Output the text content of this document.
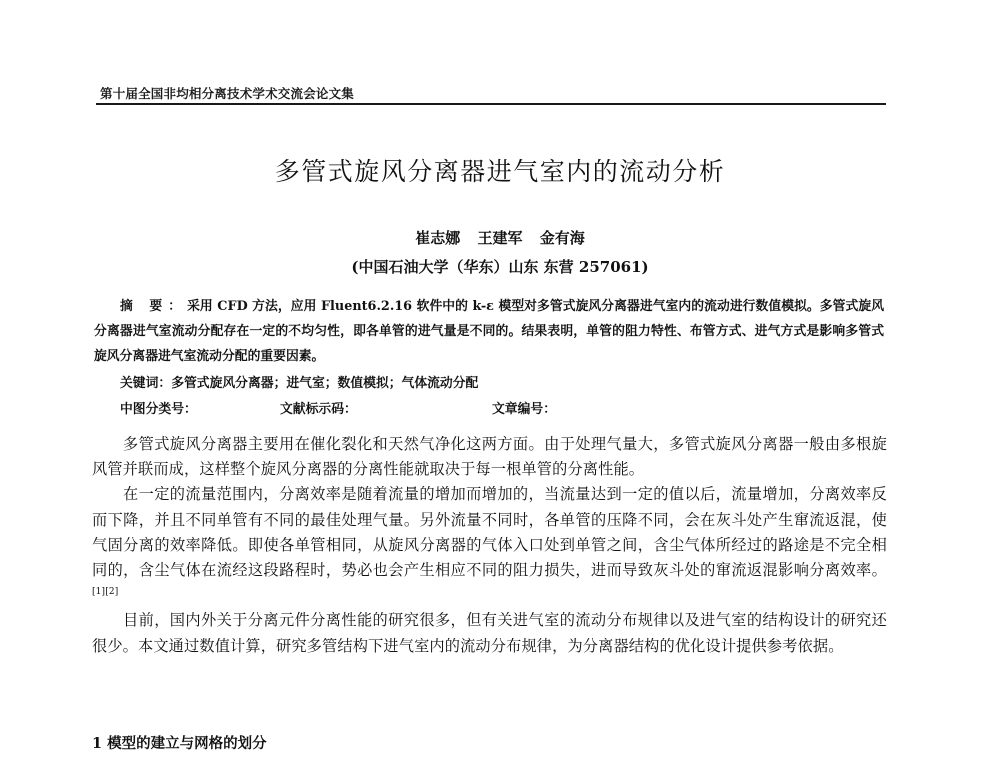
第十届全国非均相分离技术学术交流会论文集
多管式旋风分离器进气室内的流动分析
崔志娜 王建军 金有海
(中国石油大学（华东）山东 东营 257061)

摘 要：采用 CFD 方法，应用 Fluent6.2.16 软件中的 k-ε 模型对多管式旋风分离器进气室内的流动进行数值模拟。多管式旋风分离器进气室流动分配存在一定的不均匀性，即各单管的进气量是不同的。结果表明，单管的阻力特性、布管方式、进气方式是影响多管式旋风分离器进气室流动分配的重要因素。

关键词：多管式旋风分离器；进气室；数值模拟；气体流动分配
中图分类号：	文献标示码：	文章编号：

多管式旋风分离器主要用在催化裂化和天然气净化这两方面。由于处理气量大，多管式旋风分离器一般由多根旋风管并联而成，这样整个旋风分离器的分离性能就取决于每一根单管的分离性能。

在一定的流量范围内，分离效率是随着流量的增加而增加的，当流量达到一定的值以后，流量增加，分离效率反而下降，并且不同单管有不同的最佳处理气量。另外流量不同时，各单管的压降不同，会在灰斗处产生窜流返混，使气固分离的效率降低。即使各单管相同，从旋风分离器的气体入口处到单管之间，含尘气体所经过的路途是不完全相同的，含尘气体在流经这段路程时，势必也会产生相应不同的阻力损失，进而导致灰斗处的窜流返混影响分离效率。[1][2]

目前，国内外关于分离元件分离性能的研究很多，但有关进气室的流动分布规律以及进气室的结构设计的研究还很少。本文通过数值计算，研究多管结构下进气室内的流动分布规律，为分离器结构的优化设计提供参考依据。

1 模型的建立与网格的划分
